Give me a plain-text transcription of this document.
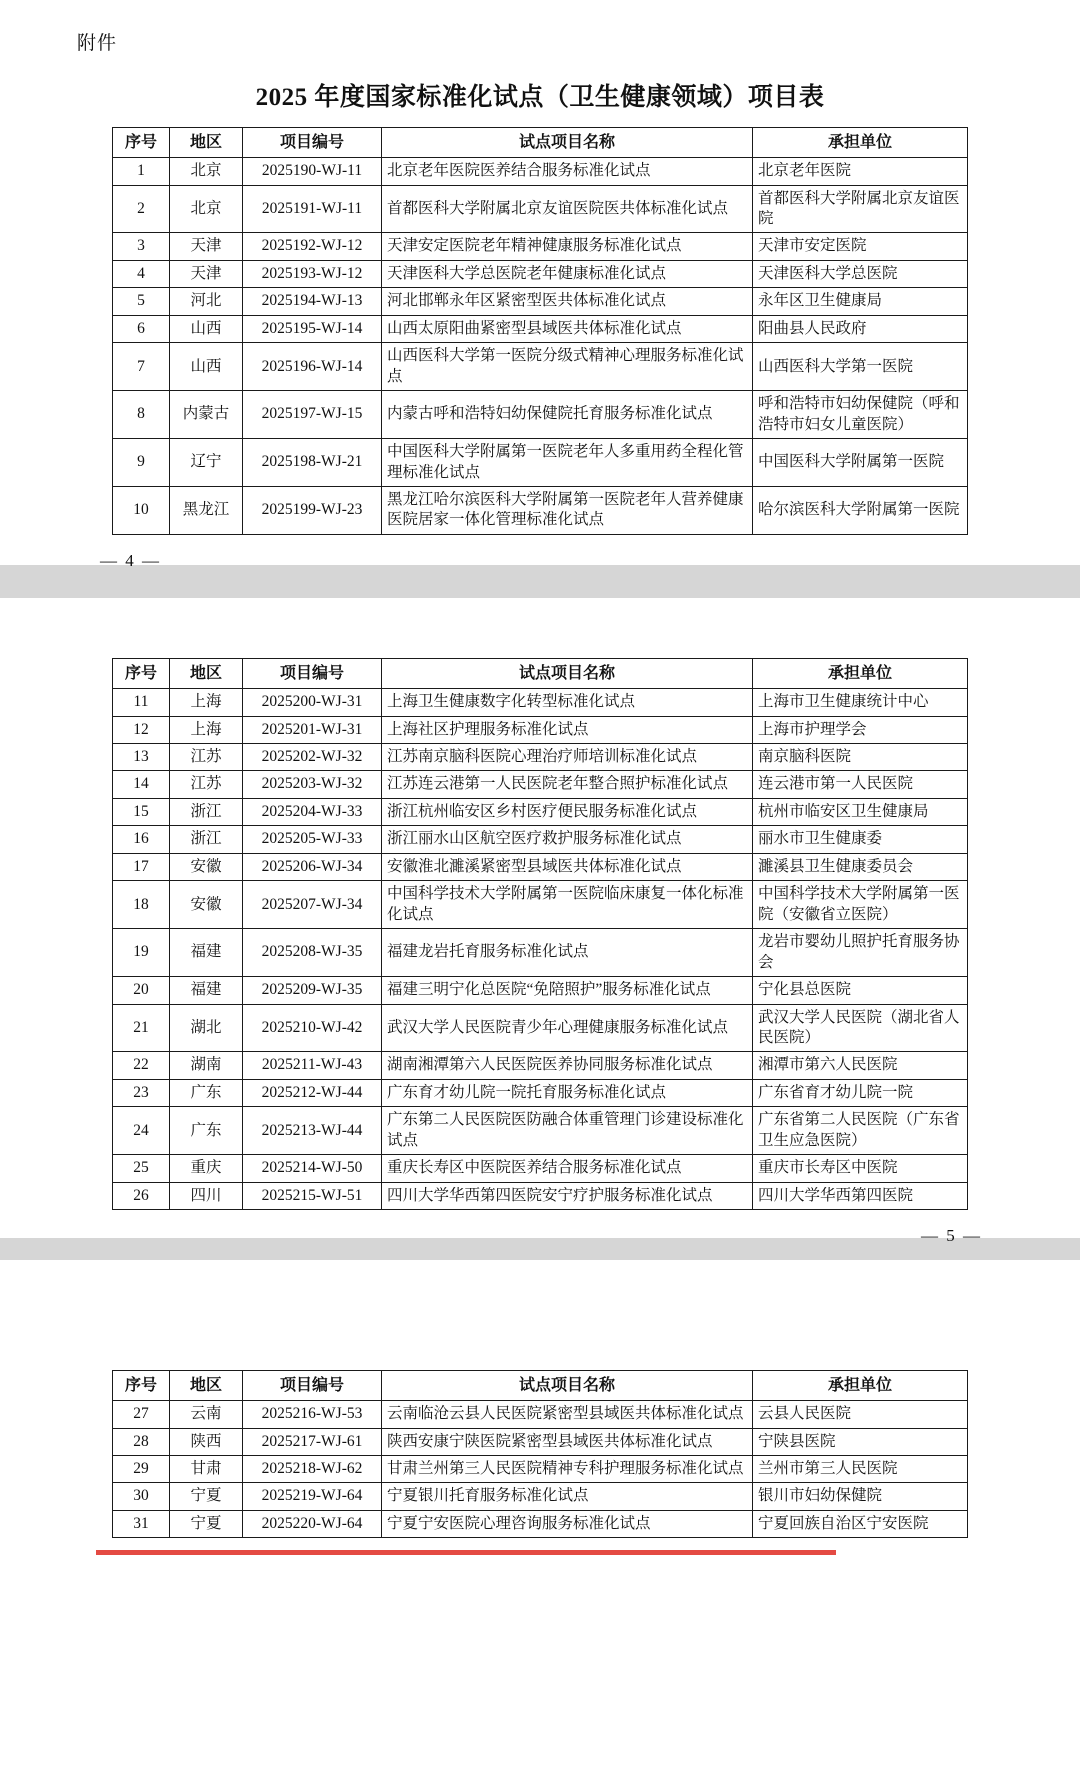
附件
2025 年度国家标准化试点（卫生健康领域）项目表
序号	地区	项目编号	试点项目名称	承担单位
1	北京	2025190-WJ-11	北京老年医院医养结合服务标准化试点	北京老年医院
2	北京	2025191-WJ-11	首都医科大学附属北京友谊医院医共体标准化试点	首都医科大学附属北京友谊医院
3	天津	2025192-WJ-12	天津安定医院老年精神健康服务标准化试点	天津市安定医院
4	天津	2025193-WJ-12	天津医科大学总医院老年健康标准化试点	天津医科大学总医院
5	河北	2025194-WJ-13	河北邯郸永年区紧密型医共体标准化试点	永年区卫生健康局
6	山西	2025195-WJ-14	山西太原阳曲紧密型县域医共体标准化试点	阳曲县人民政府
7	山西	2025196-WJ-14	山西医科大学第一医院分级式精神心理服务标准化试点	山西医科大学第一医院
8	内蒙古	2025197-WJ-15	内蒙古呼和浩特妇幼保健院托育服务标准化试点	呼和浩特市妇幼保健院（呼和浩特市妇女儿童医院）
9	辽宁	2025198-WJ-21	中国医科大学附属第一医院老年人多重用药全程化管理标准化试点	中国医科大学附属第一医院
10	黑龙江	2025199-WJ-23	黑龙江哈尔滨医科大学附属第一医院老年人营养健康医院居家一体化管理标准化试点	哈尔滨医科大学附属第一医院
— 4 —
序号	地区	项目编号	试点项目名称	承担单位
11	上海	2025200-WJ-31	上海卫生健康数字化转型标准化试点	上海市卫生健康统计中心
12	上海	2025201-WJ-31	上海社区护理服务标准化试点	上海市护理学会
13	江苏	2025202-WJ-32	江苏南京脑科医院心理治疗师培训标准化试点	南京脑科医院
14	江苏	2025203-WJ-32	江苏连云港第一人民医院老年整合照护标准化试点	连云港市第一人民医院
15	浙江	2025204-WJ-33	浙江杭州临安区乡村医疗便民服务标准化试点	杭州市临安区卫生健康局
16	浙江	2025205-WJ-33	浙江丽水山区航空医疗救护服务标准化试点	丽水市卫生健康委
17	安徽	2025206-WJ-34	安徽淮北濉溪紧密型县域医共体标准化试点	濉溪县卫生健康委员会
18	安徽	2025207-WJ-34	中国科学技术大学附属第一医院临床康复一体化标准化试点	中国科学技术大学附属第一医院（安徽省立医院）
19	福建	2025208-WJ-35	福建龙岩托育服务标准化试点	龙岩市婴幼儿照护托育服务协会
20	福建	2025209-WJ-35	福建三明宁化总医院“免陪照护”服务标准化试点	宁化县总医院
21	湖北	2025210-WJ-42	武汉大学人民医院青少年心理健康服务标准化试点	武汉大学人民医院（湖北省人民医院）
22	湖南	2025211-WJ-43	湖南湘潭第六人民医院医养协同服务标准化试点	湘潭市第六人民医院
23	广东	2025212-WJ-44	广东育才幼儿院一院托育服务标准化试点	广东省育才幼儿院一院
24	广东	2025213-WJ-44	广东第二人民医院医防融合体重管理门诊建设标准化试点	广东省第二人民医院（广东省卫生应急医院）
25	重庆	2025214-WJ-50	重庆长寿区中医院医养结合服务标准化试点	重庆市长寿区中医院
26	四川	2025215-WJ-51	四川大学华西第四医院安宁疗护服务标准化试点	四川大学华西第四医院
— 5 —
序号	地区	项目编号	试点项目名称	承担单位
27	云南	2025216-WJ-53	云南临沧云县人民医院紧密型县域医共体标准化试点	云县人民医院
28	陕西	2025217-WJ-61	陕西安康宁陕医院紧密型县域医共体标准化试点	宁陕县医院
29	甘肃	2025218-WJ-62	甘肃兰州第三人民医院精神专科护理服务标准化试点	兰州市第三人民医院
30	宁夏	2025219-WJ-64	宁夏银川托育服务标准化试点	银川市妇幼保健院
31	宁夏	2025220-WJ-64	宁夏宁安医院心理咨询服务标准化试点	宁夏回族自治区宁安医院
